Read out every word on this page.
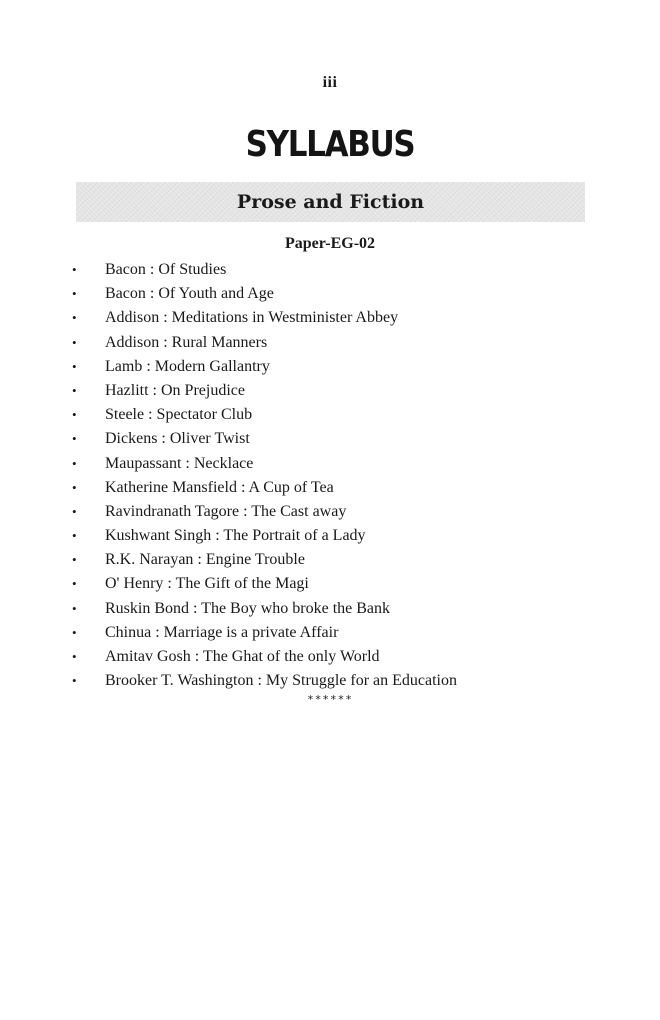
iii
SYLLABUS
Prose and Fiction
Paper-EG-02
•	Bacon : Of Studies
•	Bacon : Of Youth and Age
•	Addison : Meditations in Westminister Abbey
•	Addison : Rural Manners
•	Lamb : Modern Gallantry
•	Hazlitt : On Prejudice
•	Steele : Spectator Club
•	Dickens : Oliver Twist
•	Maupassant : Necklace
•	Katherine Mansfield : A Cup of Tea
•	Ravindranath Tagore : The Cast away
•	Kushwant Singh : The Portrait of a Lady
•	R.K. Narayan : Engine Trouble
•	O' Henry : The Gift of the Magi
•	Ruskin Bond : The Boy who broke the Bank
•	Chinua : Marriage is a private Affair
•	Amitav Gosh : The Ghat of the only World
•	Brooker T. Washington : My Struggle for an Education
******
